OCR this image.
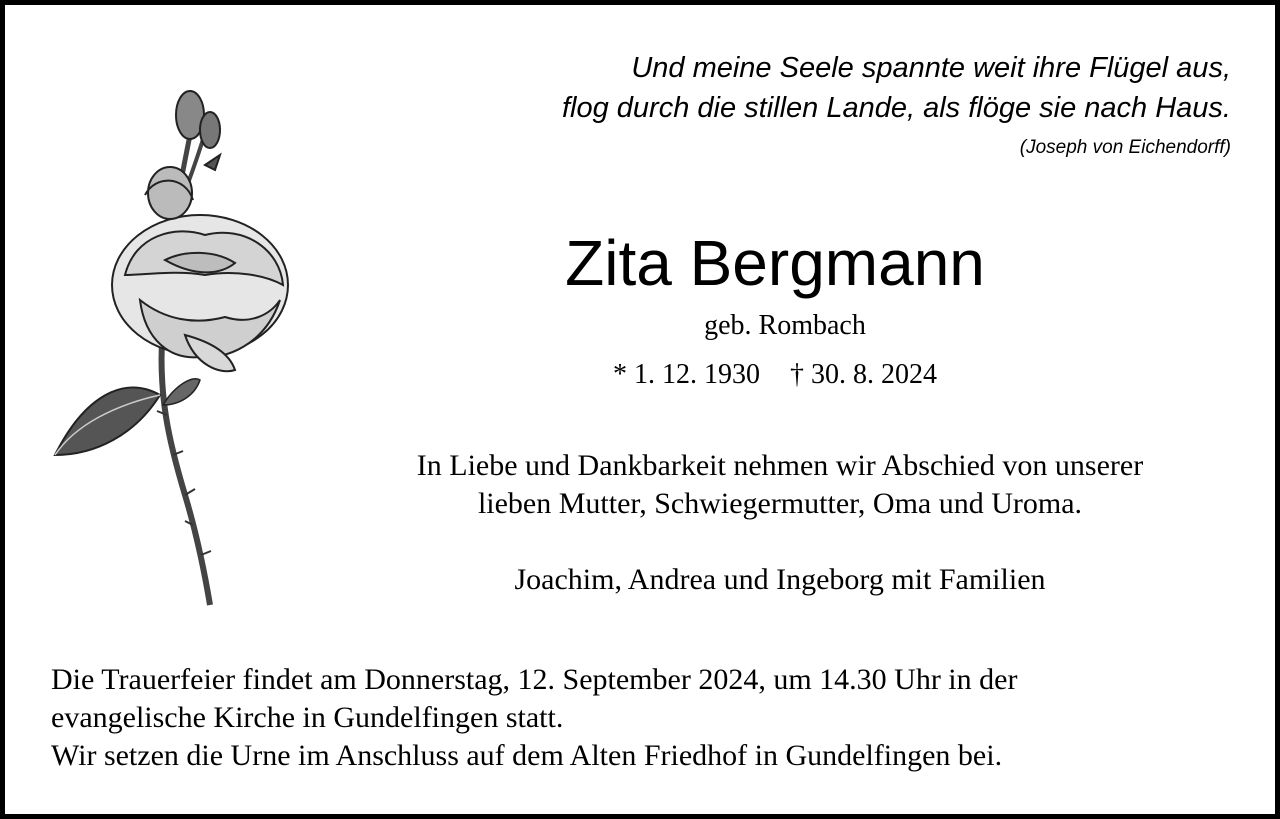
Und meine Seele spannte weit ihre Flügel aus,
flog durch die stillen Lande, als flöge sie nach Haus.
(Joseph von Eichendorff)
Zita Bergmann
geb. Rombach
* 1. 12. 1930 † 30. 8. 2024
In Liebe und Dankbarkeit nehmen wir Abschied von unserer
lieben Mutter, Schwiegermutter, Oma und Uroma.
Joachim, Andrea und Ingeborg mit Familien
Die Trauerfeier findet am Donnerstag, 12. September 2024, um 14.30 Uhr in der
evangelische Kirche in Gundelfingen statt.
Wir setzen die Urne im Anschluss auf dem Alten Friedhof in Gundelfingen bei.
